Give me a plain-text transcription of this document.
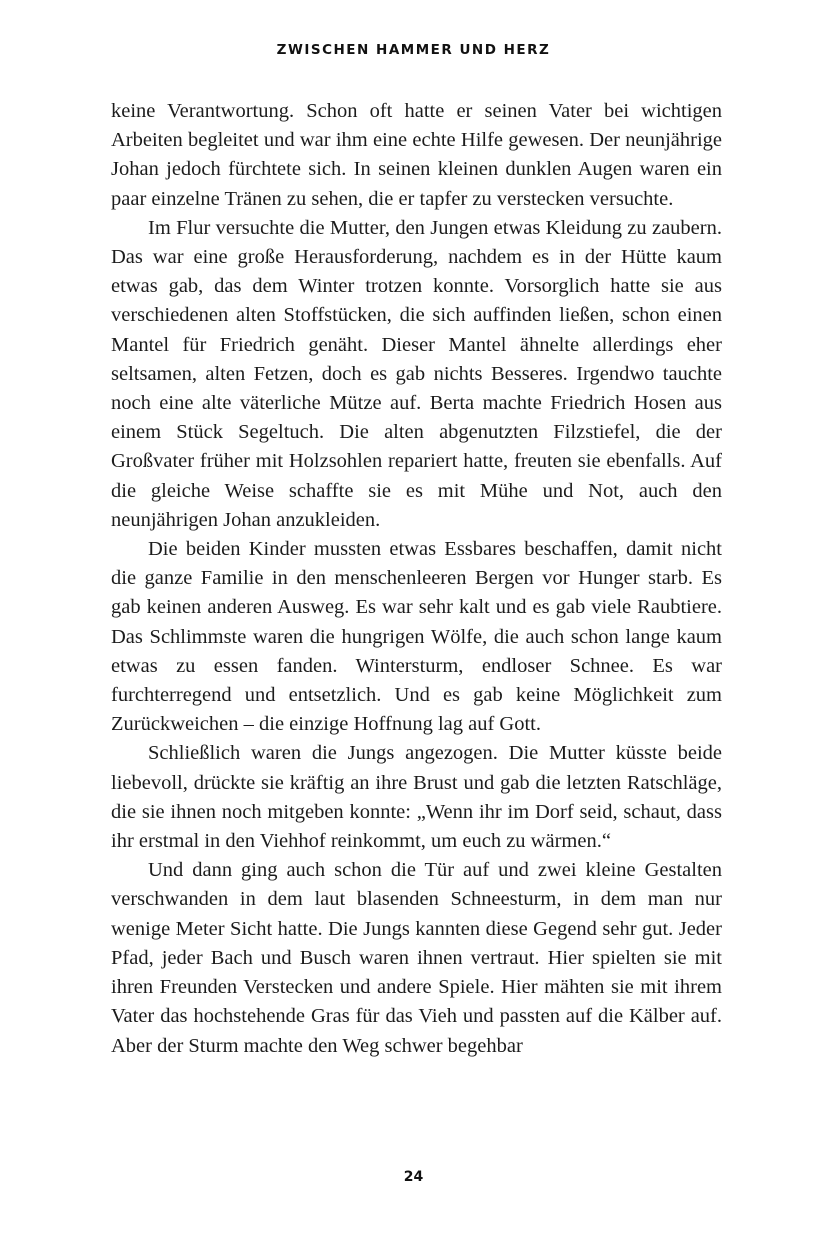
ZWISCHEN HAMMER UND HERZ

keine Verantwortung. Schon oft hatte er seinen Vater bei wichtigen Arbeiten begleitet und war ihm eine echte Hilfe gewesen. Der neunjährige Johan jedoch fürchtete sich. In seinen kleinen dunklen Augen waren ein paar einzelne Tränen zu sehen, die er tapfer zu verstecken versuchte.

Im Flur versuchte die Mutter, den Jungen etwas Kleidung zu zaubern. Das war eine große Herausforderung, nachdem es in der Hütte kaum etwas gab, das dem Winter trotzen konnte. Vorsorglich hatte sie aus verschiedenen alten Stoffstücken, die sich auffinden ließen, schon einen Mantel für Friedrich genäht. Dieser Mantel ähnelte allerdings eher seltsamen, alten Fetzen, doch es gab nichts Besseres. Irgendwo tauchte noch eine alte väterliche Mütze auf. Berta machte Friedrich Hosen aus einem Stück Segeltuch. Die alten abgenutzten Filzstiefel, die der Großvater früher mit Holzsohlen repariert hatte, freuten sie ebenfalls. Auf die gleiche Weise schaffte sie es mit Mühe und Not, auch den neunjährigen Johan anzukleiden.

Die beiden Kinder mussten etwas Essbares beschaffen, damit nicht die ganze Familie in den menschenleeren Bergen vor Hunger starb. Es gab keinen anderen Ausweg. Es war sehr kalt und es gab viele Raubtiere. Das Schlimmste waren die hungrigen Wölfe, die auch schon lange kaum etwas zu essen fanden. Wintersturm, endloser Schnee. Es war furchterregend und entsetzlich. Und es gab keine Möglichkeit zum Zurückweichen – die einzige Hoffnung lag auf Gott.

Schließlich waren die Jungs angezogen. Die Mutter küsste beide liebevoll, drückte sie kräftig an ihre Brust und gab die letzten Ratschläge, die sie ihnen noch mitgeben konnte: „Wenn ihr im Dorf seid, schaut, dass ihr erstmal in den Viehhof reinkommt, um euch zu wärmen.“

Und dann ging auch schon die Tür auf und zwei kleine Gestalten verschwanden in dem laut blasenden Schneesturm, in dem man nur wenige Meter Sicht hatte. Die Jungs kannten diese Gegend sehr gut. Jeder Pfad, jeder Bach und Busch waren ihnen vertraut. Hier spielten sie mit ihren Freunden Verstecken und andere Spiele. Hier mähten sie mit ihrem Vater das hochstehende Gras für das Vieh und passten auf die Kälber auf. Aber der Sturm machte den Weg schwer begehbar

24
